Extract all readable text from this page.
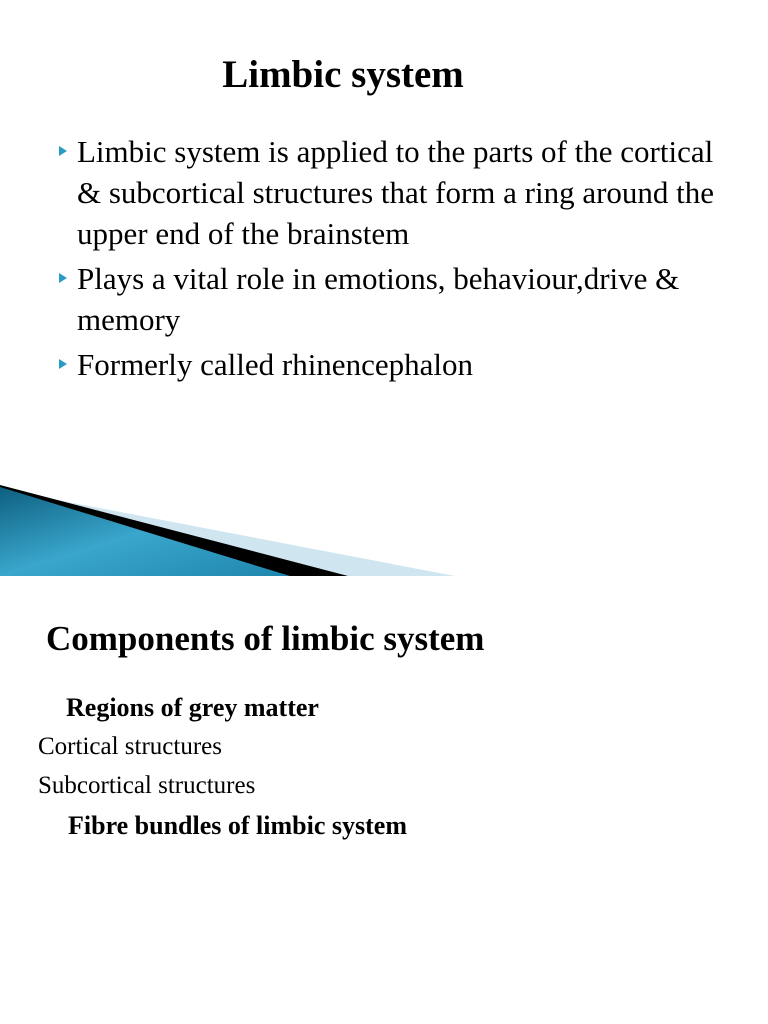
Limbic system
Limbic system is applied to the parts of the cortical & subcortical structures that form a ring around the upper end of the brainstem
Plays a vital role in emotions, behaviour,drive & memory
Formerly called rhinencephalon
Components of limbic system
Regions of grey matter
Cortical structures
Subcortical structures
Fibre bundles of limbic system
